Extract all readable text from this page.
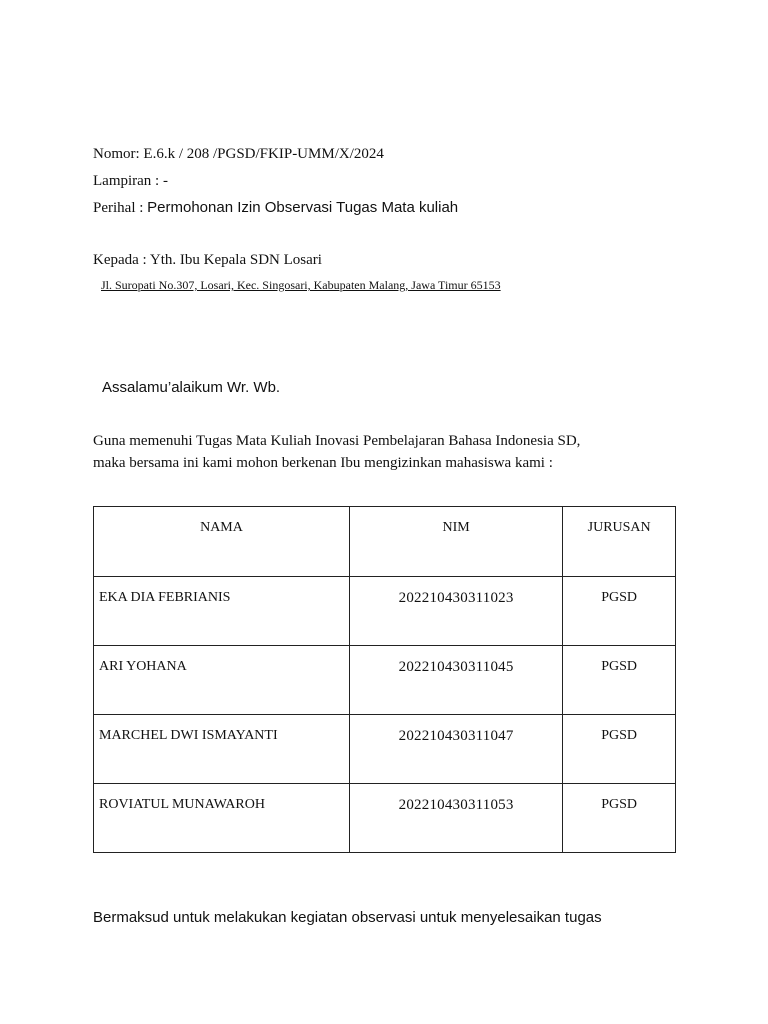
Nomor: E.6.k / 208 /PGSD/FKIP-UMM/X/2024
Lampiran : -
Perihal : Permohonan Izin Observasi Tugas Mata kuliah
Kepada : Yth. Ibu Kepala SDN Losari
Jl. Suropati No.307, Losari, Kec. Singosari, Kabupaten Malang, Jawa Timur 65153
Assalamu’alaikum Wr. Wb.
Guna memenuhi Tugas Mata Kuliah Inovasi Pembelajaran Bahasa Indonesia SD,
maka bersama ini kami mohon berkenan Ibu mengizinkan mahasiswa kami :
NAMA	NIM	JURUSAN

EKA DIA FEBRIANIS	202210430311023	PGSD

ARI YOHANA	202210430311045	PGSD

MARCHEL DWI ISMAYANTI	202210430311047	PGSD

ROVIATUL MUNAWAROH	202210430311053	PGSD
Bermaksud untuk melakukan kegiatan observasi untuk menyelesaikan tugas
